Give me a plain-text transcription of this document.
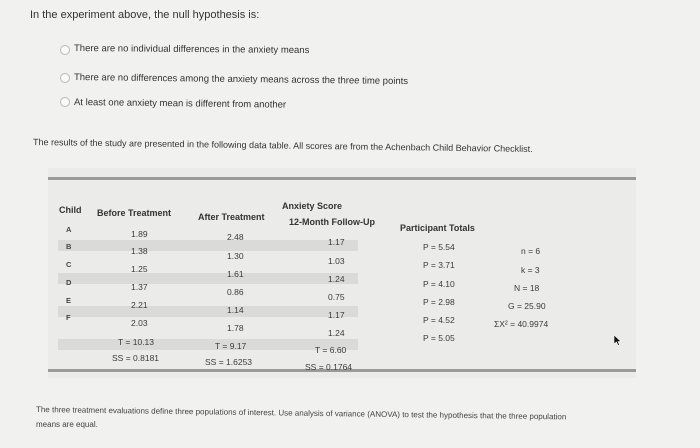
In the experiment above, the null hypothesis is:
There are no individual differences in the anxiety means
There are no differences among the anxiety means across the three time points
At least one anxiety mean is different from another
The results of the study are presented in the following data table. All scores are from the Achenbach Child Behavior Checklist.
Anxiety Score
Child Before Treatment	After Treatment	12-Month Follow-Up
Participant Totals
A
B
C
D
E
F
1.89
1.38
1.25
1.37
2.21
2.03
T = 10.13
SS = 0.8181
2.48
1.30
1.61
0.86
1.14
1.78
T = 9.17
SS = 1.6253
1.17
1.03
1.24
0.75
1.17
1.24
T = 6.60
SS = 0.1764
P = 5.54
P = 3.71
P = 4.10
P = 2.98
P = 4.52
P = 5.05
n = 6
k = 3
N = 18
G = 25.90
ΣX² = 40.9974
The three treatment evaluations define three populations of interest. Use analysis of variance (ANOVA) to test the hypothesis that the three population
means are equal.
